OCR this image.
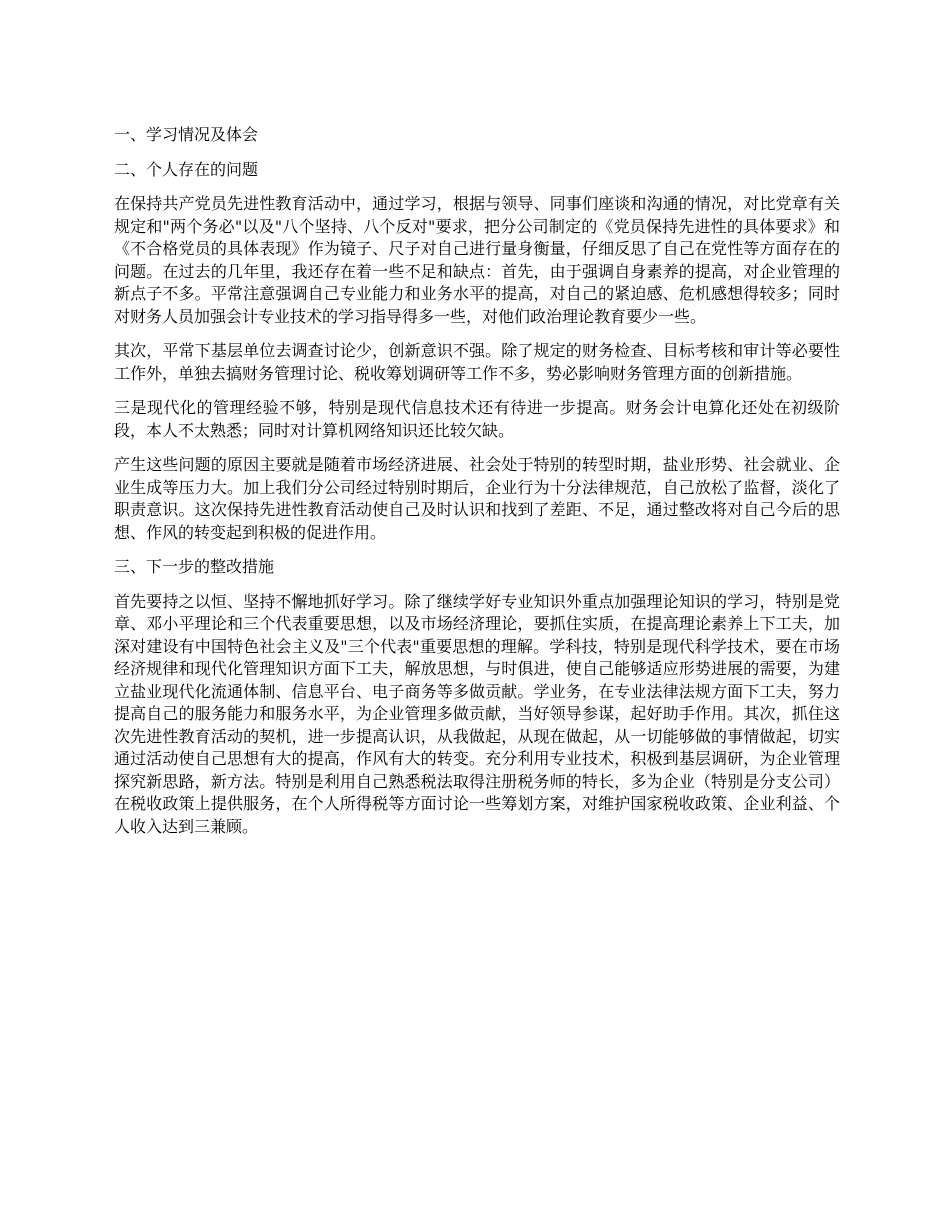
一、学习情况及体会

二、个人存在的问题

在保持共产党员先进性教育活动中，通过学习，根据与领导、同事们座谈和沟通的情况，对比党章有关规定和"两个务必"以及"八个坚持、八个反对"要求，把分公司制定的《党员保持先进性的具体要求》和《不合格党员的具体表现》作为镜子、尺子对自己进行量身衡量，仔细反思了自己在党性等方面存在的问题。在过去的几年里，我还存在着一些不足和缺点：首先，由于强调自身素养的提高，对企业管理的新点子不多。平常注意强调自己专业能力和业务水平的提高，对自己的紧迫感、危机感想得较多；同时对财务人员加强会计专业技术的学习指导得多一些，对他们政治理论教育要少一些。

其次，平常下基层单位去调查讨论少，创新意识不强。除了规定的财务检查、目标考核和审计等必要性工作外，单独去搞财务管理讨论、税收筹划调研等工作不多，势必影响财务管理方面的创新措施。

三是现代化的管理经验不够，特别是现代信息技术还有待进一步提高。财务会计电算化还处在初级阶段，本人不太熟悉；同时对计算机网络知识还比较欠缺。

产生这些问题的原因主要就是随着市场经济进展、社会处于特别的转型时期，盐业形势、社会就业、企业生成等压力大。加上我们分公司经过特别时期后，企业行为十分法律规范，自己放松了监督，淡化了职责意识。这次保持先进性教育活动使自己及时认识和找到了差距、不足，通过整改将对自己今后的思想、作风的转变起到积极的促进作用。

三、下一步的整改措施

首先要持之以恒、坚持不懈地抓好学习。除了继续学好专业知识外重点加强理论知识的学习，特别是党章、邓小平理论和三个代表重要思想，以及市场经济理论，要抓住实质，在提高理论素养上下工夫，加深对建设有中国特色社会主义及"三个代表"重要思想的理解。学科技，特别是现代科学技术，要在市场经济规律和现代化管理知识方面下工夫，解放思想，与时俱进，使自己能够适应形势进展的需要，为建立盐业现代化流通体制、信息平台、电子商务等多做贡献。学业务，在专业法律法规方面下工夫，努力提高自己的服务能力和服务水平，为企业管理多做贡献，当好领导参谋，起好助手作用。其次，抓住这次先进性教育活动的契机，进一步提高认识，从我做起，从现在做起，从一切能够做的事情做起，切实通过活动使自己思想有大的提高，作风有大的转变。充分利用专业技术，积极到基层调研，为企业管理探究新思路，新方法。特别是利用自己熟悉税法取得注册税务师的特长，多为企业（特别是分支公司）在税收政策上提供服务，在个人所得税等方面讨论一些筹划方案，对维护国家税收政策、企业利益、个人收入达到三兼顾。
